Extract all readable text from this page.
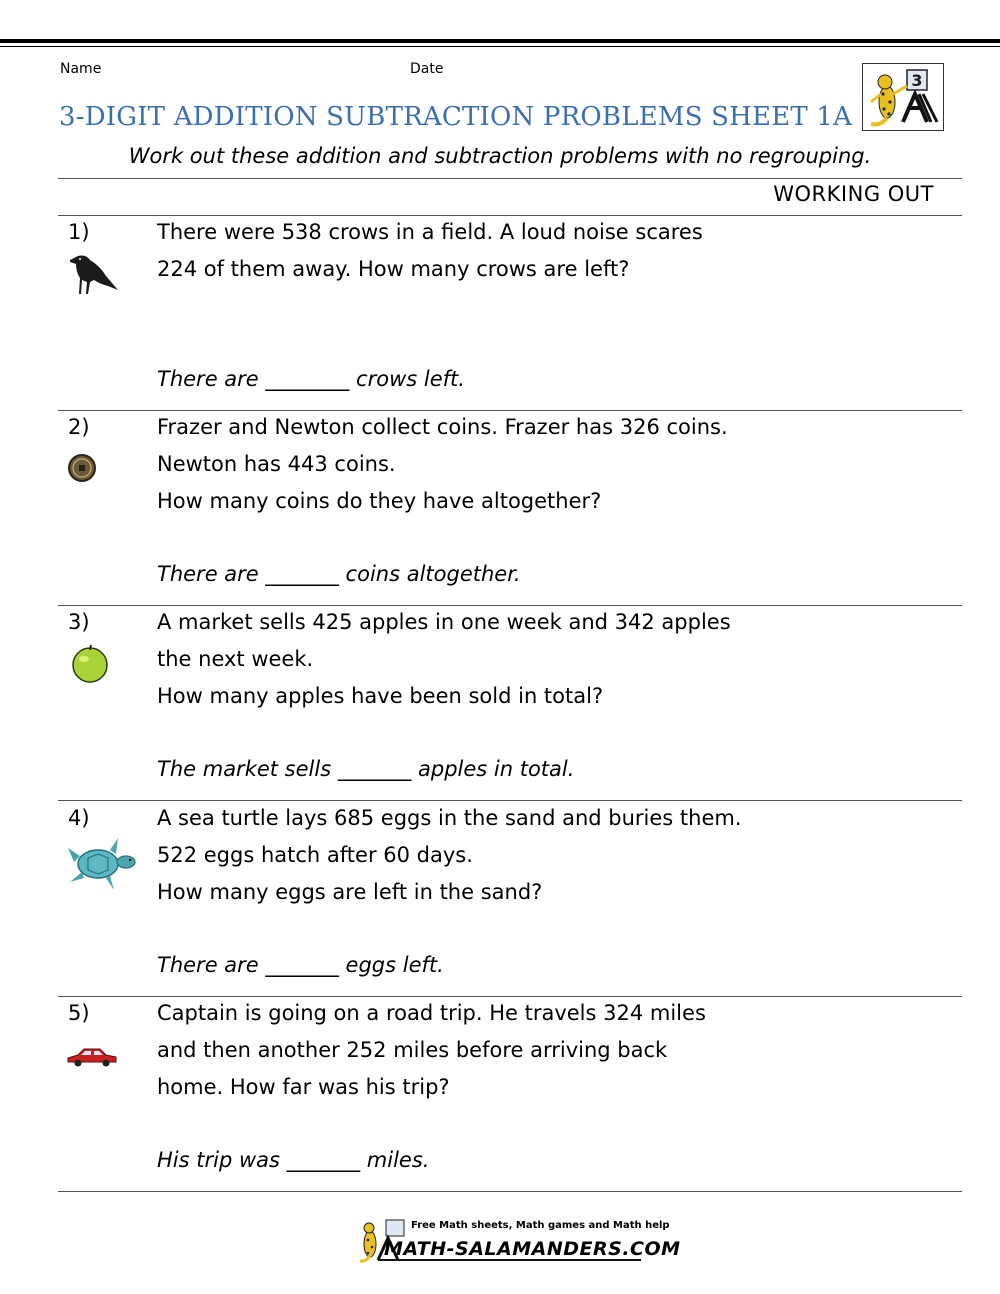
Name	Date
3
3-DIGIT ADDITION SUBTRACTION PROBLEMS SHEET 1A
Work out these addition and subtraction problems with no regrouping.
WORKING OUT
1)	There were 538 crows in a field. A loud noise scares
224 of them away. How many crows are left?
There are ________ crows left.
2)	Frazer and Newton collect coins. Frazer has 326 coins.
Newton has 443 coins.
How many coins do they have altogether?
There are _______ coins altogether.
3)	A market sells 425 apples in one week and 342 apples
the next week.
How many apples have been sold in total?
The market sells _______ apples in total.
4)	A sea turtle lays 685 eggs in the sand and buries them.
522 eggs hatch after 60 days.
How many eggs are left in the sand?
There are _______ eggs left.
5)	Captain is going on a road trip. He travels 324 miles
and then another 252 miles before arriving back
home. How far was his trip?
His trip was _______ miles.
Free Math sheets, Math games and Math help
MATH-SALAMANDERS.COM
